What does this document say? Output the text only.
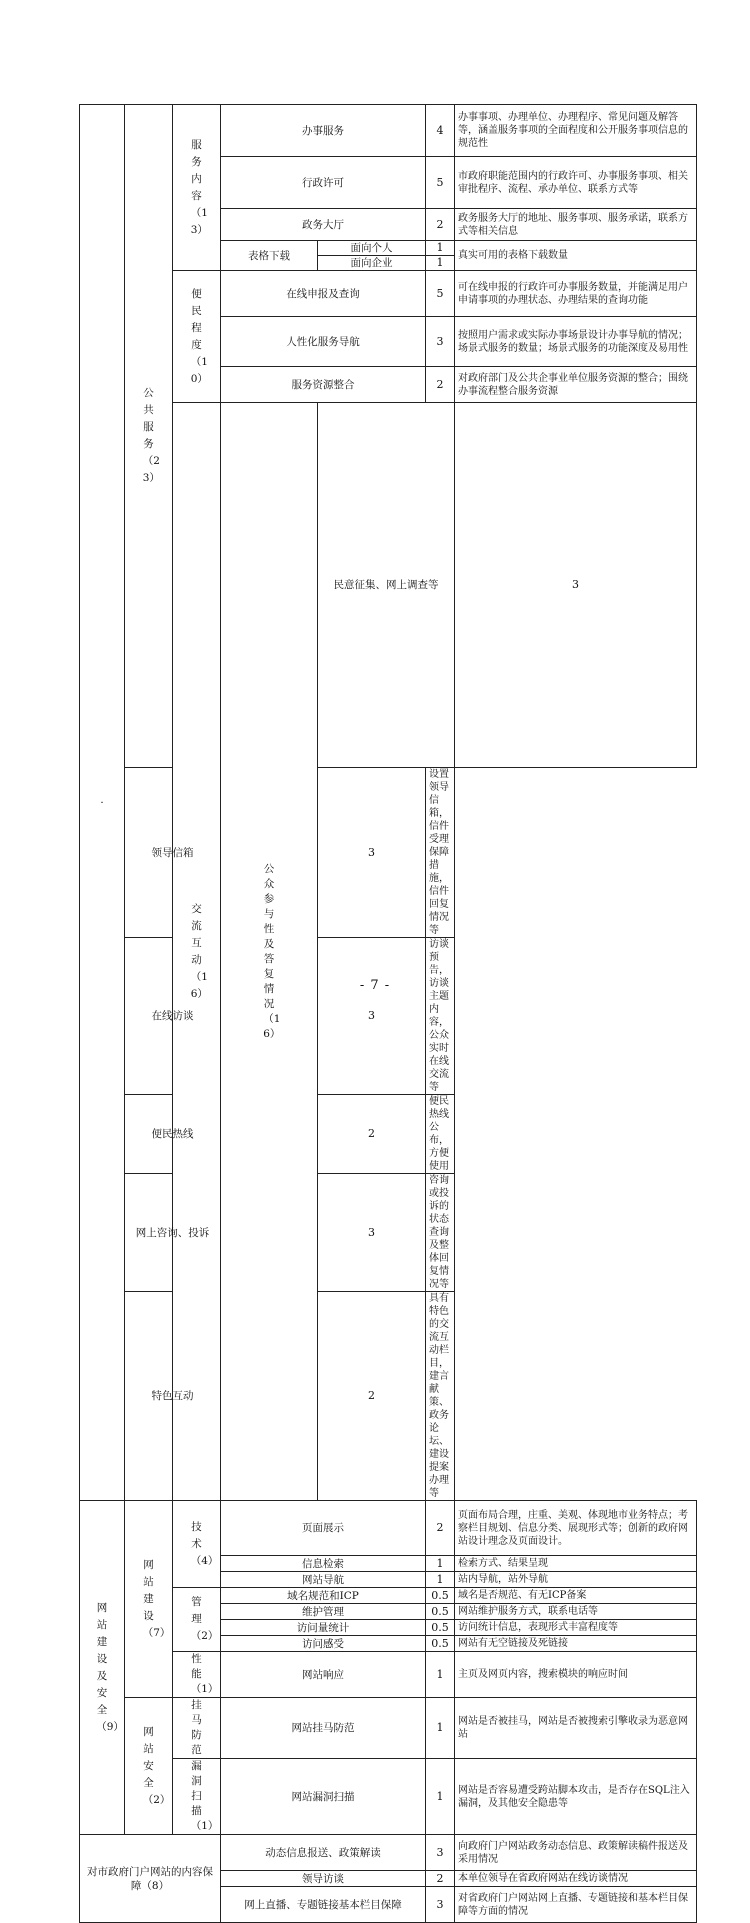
·	公共服务（23）	服务内容（13）	办事服务		4	办事事项、办理单位、办理程序、常见问题及解答等，涵盖服务事项的全面程度和公开服务事项信息的规范性	
			行政许可		5	市政府职能范围内的行政许可、办事服务事项、相关审批程序、流程、承办单位、联系方式等	
			政务大厅		2	政务服务大厅的地址、服务事项、服务承诺，联系方式等相关信息	
			表格下载	面向个人	1	真实可用的表格下载数量	
				面向企业	1		
		便民程度（10）	在线申报及查询		5	可在线申报的行政许可办事服务数量，并能满足用户申请事项的办理状态、办理结果的查询功能	
			人性化服务导航		3	按照用户需求或实际办事场景设计办事导航的情况；场景式服务的数量；场景式服务的功能深度及易用性	
			服务资源整合		2	对政府部门及公共企事业单位服务资源的整合；围绕办事流程整合服务资源	
		交流互动（16）	公众参与性及答复情况（16）	民意征集、网上调查等		3	
	领导信箱			3	设置领导信箱，信件受理保障措施，信件回复情况等		
	在线访谈			3	访谈预告，访谈主题内容，公众实时在线交流等		
	便民热线			2	便民热线公布，方便使用		
	网上咨询、投诉			3	咨询或投诉的状态查询及整体回复情况等		
	特色互动			2	具有特色的交流互动栏目，建言献策、政务论坛、建设提案办理等		
网站建设及安全（9）	网站建设（7）	技术（4）	页面展示		2	页面布局合理，庄重、美观、体现地市业务特点；考察栏目规划、信息分类、展现形式等；创新的政府网站设计理念及页面设计。	
			信息检索		1	检索方式、结果呈现	
			网站导航		1	站内导航，站外导航	
		管理（2）	域名规范和ICP		0.5	域名是否规范、有无ICP备案	
			维护管理		0.5	网站维护服务方式，联系电话等	
			访问量统计		0.5	访问统计信息，表现形式丰富程度等	
			访问感受		0.5	网站有无空链接及死链接	
		性能（1）	网站响应		1	主页及网页内容，搜索模块的响应时间	
	网站安全（2）	挂马防范	网站挂马防范		1	网站是否被挂马，网站是否被搜索引擎收录为恶意网站	
		漏洞扫描（1）	网站漏洞扫描		1	网站是否容易遭受跨站脚本攻击，是否存在SQL注入漏洞，及其他安全隐患等	
对市政府门户网站的内容保障（8）			动态信息报送、政策解读		3	向政府门户网站政务动态信息、政策解读稿件报送及采用情况	
			领导访谈		2	本单位领导在省政府网站在线访谈情况	
			网上直播、专题链接基本栏目保障		3	对省政府门户网站网上直播、专题链接和基本栏目保障等方面的情况	
- 7 -
